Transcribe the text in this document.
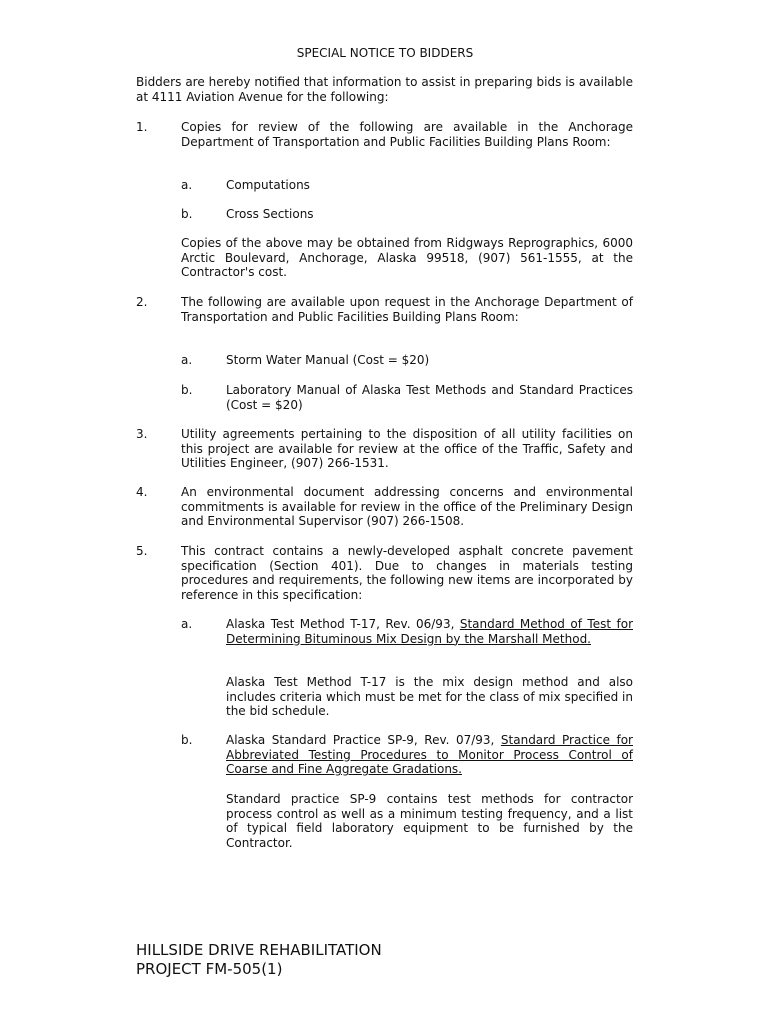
SPECIAL NOTICE TO BIDDERS
Bidders are hereby notified that information to assist in preparing bids is available at 4111 Aviation Avenue for the following:
1.	Copies for review of the following are available in the Anchorage Department of Transportation and Public Facilities Building Plans Room:
a.	Computations
b.	Cross Sections
Copies of the above may be obtained from Ridgways Reprographics, 6000 Arctic Boulevard, Anchorage, Alaska 99518, (907) 561-1555, at the Contractor's cost.
2.	The following are available upon request in the Anchorage Department of Transportation and Public Facilities Building Plans Room:
a.	Storm Water Manual (Cost = $20)
b.	Laboratory Manual of Alaska Test Methods and Standard Practices (Cost = $20)
3.	Utility agreements pertaining to the disposition of all utility facilities on this project are available for review at the office of the Traffic, Safety and Utilities Engineer, (907) 266-1531.
4.	An environmental document addressing concerns and environmental commitments is available for review in the office of the Preliminary Design and Environmental Supervisor (907) 266-1508.
5.	This contract contains a newly-developed asphalt concrete pavement specification (Section 401). Due to changes in materials testing procedures and requirements, the following new items are incorporated by reference in this specification:
a.	Alaska Test Method T-17, Rev. 06/93, Standard Method of Test for Determining Bituminous Mix Design by the Marshall Method.
Alaska Test Method T-17 is the mix design method and also includes criteria which must be met for the class of mix specified in the bid schedule.
b.	Alaska Standard Practice SP-9, Rev. 07/93, Standard Practice for Abbreviated Testing Procedures to Monitor Process Control of Coarse and Fine Aggregate Gradations.
Standard practice SP-9 contains test methods for contractor process control as well as a minimum testing frequency, and a list of typical field laboratory equipment to be furnished by the Contractor.
HILLSIDE DRIVE REHABILITATION
PROJECT FM-505(1)
